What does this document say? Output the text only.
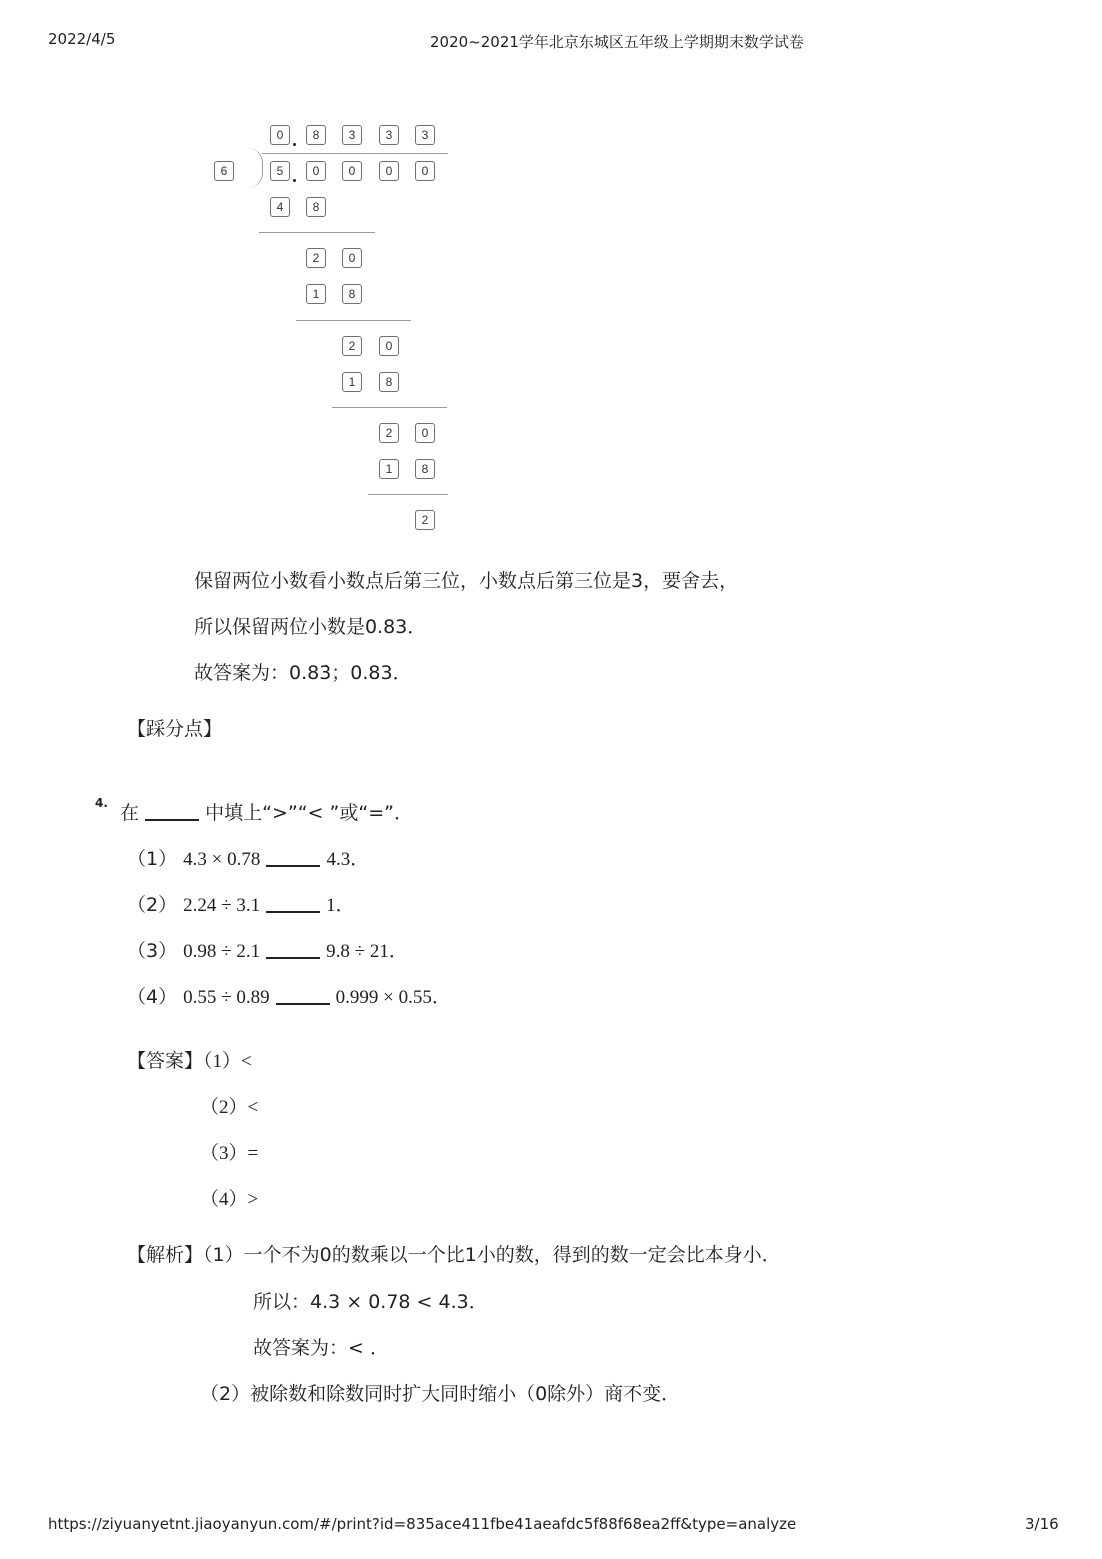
2022/4/5	2020~2021学年北京东城区五年级上学期期末数学试卷
https://ziyuanyetnt.jiaoyanyun.com/#/print?id=835ace411fbe41aeafdc5f88f68ea2ff&type=analyze	3/16
0	8	3	3	3
6	5	0	0	0	0
4	8
2	0
1	8
2	0
1	8
2	0
1	8
2
保留两位小数看小数点后第三位，小数点后第三位是3，要舍去，
所以保留两位小数是0.83．
故答案为：0.83̇；0.83．
【踩分点】
4. 在	中填上“>”“< ”或“=”．
（1） 4.3 × 0.78	4.3．
（2） 2.24 ÷ 3.1	1．
（3） 0.98 ÷ 2.1	9.8 ÷ 21．
（4） 0.55 ÷ 0.89	0.999 × 0.55．
【答案】（1）<
（2）<
（3）=
（4）>
【解析】（1）一个不为0的数乘以一个比1小的数，得到的数一定会比本身小．
所以：4.3 × 0.78 < 4.3．
故答案为：< ．
（2）被除数和除数同时扩大同时缩小（0除外）商不变．
